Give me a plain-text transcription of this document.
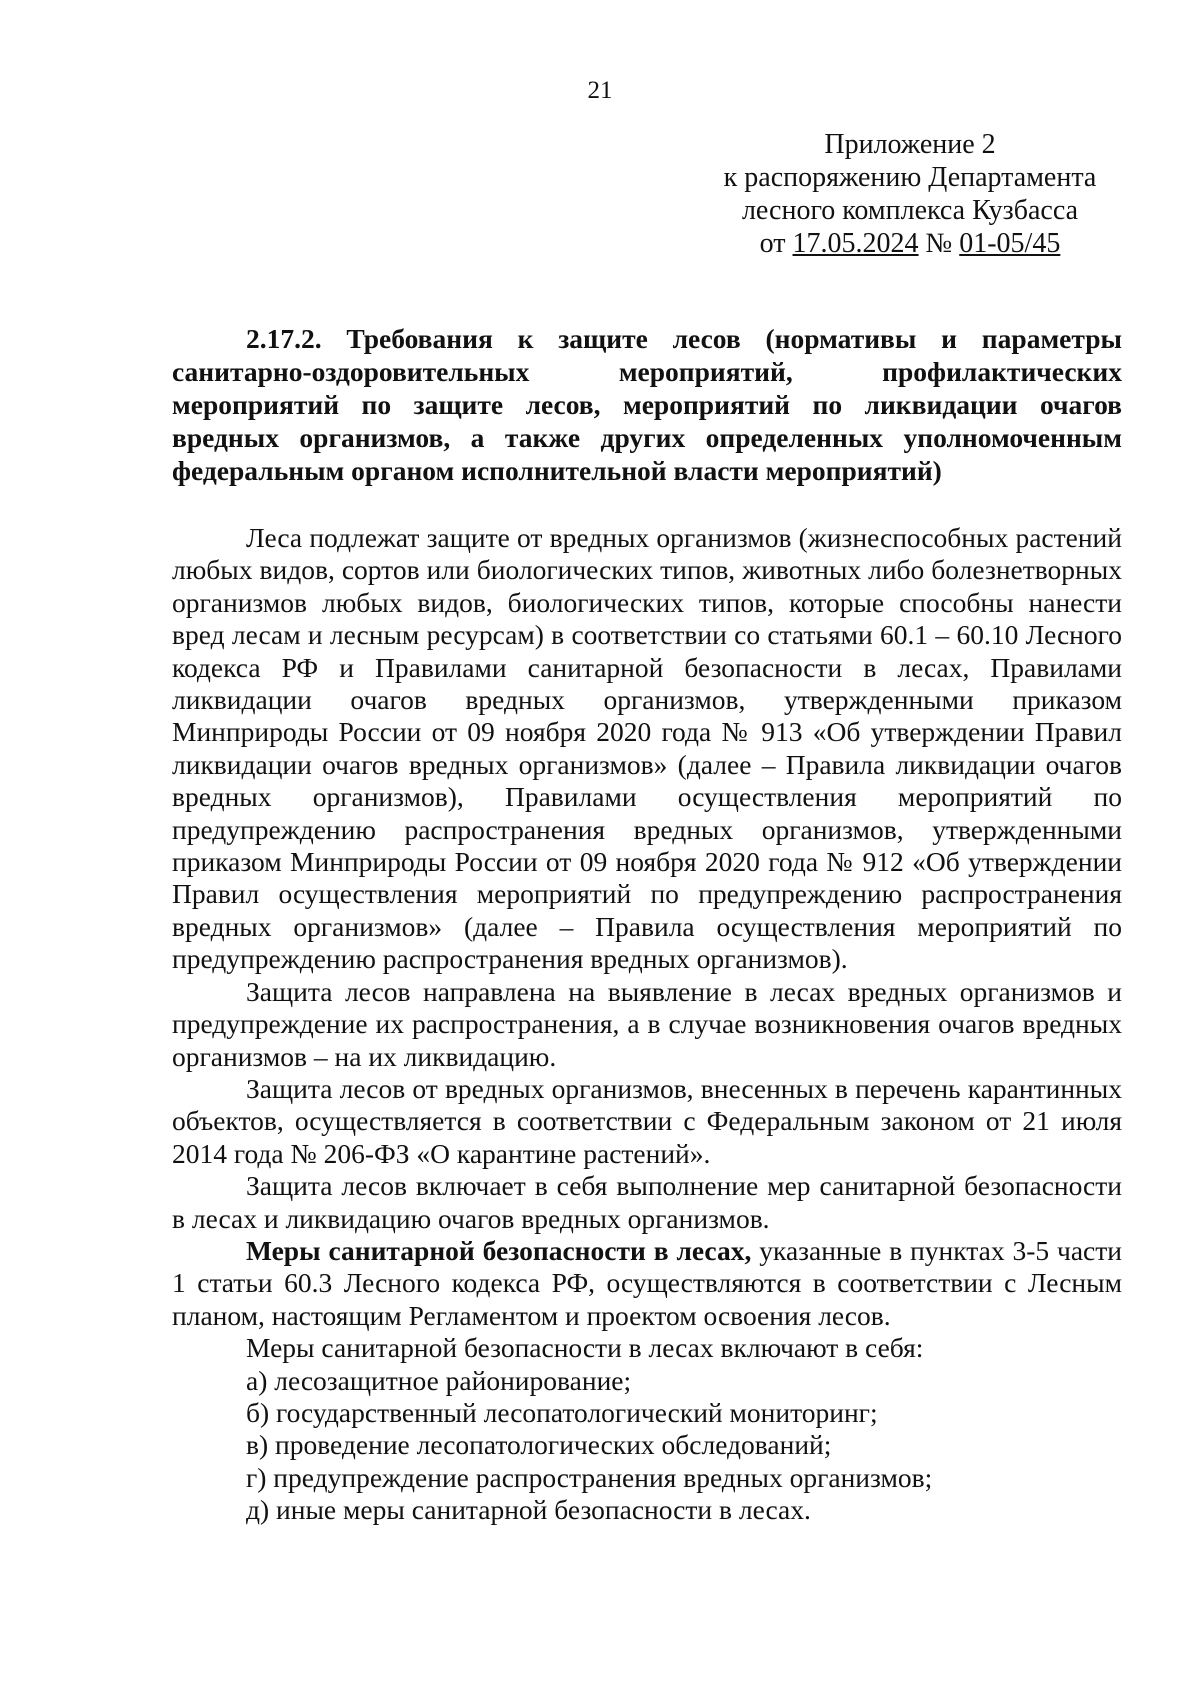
21
Приложение 2
к распоряжению Департамента
лесного комплекса Кузбасса
от 17.05.2024 № 01-05/45
2.17.2. Требования к защите лесов (нормативы и параметры санитарно-оздоровительных мероприятий, профилактических мероприятий по защите лесов, мероприятий по ликвидации очагов вредных организмов, а также других определенных уполномоченным федеральным органом исполнительной власти мероприятий)

Леса подлежат защите от вредных организмов (жизнеспособных растений любых видов, сортов или биологических типов, животных либо болезнетворных организмов любых видов, биологических типов, которые способны нанести вред лесам и лесным ресурсам) в соответствии со статьями 60.1 – 60.10 Лесного кодекса РФ и Правилами санитарной безопасности в лесах, Правилами ликвидации очагов вредных организмов, утвержденными приказом Минприроды России от 09 ноября 2020 года № 913 «Об утверждении Правил ликвидации очагов вредных организмов» (далее – Правила ликвидации очагов вредных организмов), Правилами осуществления мероприятий по предупреждению распространения вредных организмов, утвержденными приказом Минприроды России от 09 ноября 2020 года № 912 «Об утверждении Правил осуществления мероприятий по предупреждению распространения вредных организмов» (далее – Правила осуществления мероприятий по предупреждению распространения вредных организмов).

Защита лесов направлена на выявление в лесах вредных организмов и предупреждение их распространения, а в случае возникновения очагов вредных организмов – на их ликвидацию.

Защита лесов от вредных организмов, внесенных в перечень карантинных объектов, осуществляется в соответствии с Федеральным законом от 21 июля 2014 года № 206-ФЗ «О карантине растений».

Защита лесов включает в себя выполнение мер санитарной безопасности в лесах и ликвидацию очагов вредных организмов.

Меры санитарной безопасности в лесах, указанные в пунктах 3-5 части 1 статьи 60.3 Лесного кодекса РФ, осуществляются в соответствии с Лесным планом, настоящим Регламентом и проектом освоения лесов.

Меры санитарной безопасности в лесах включают в себя:

а) лесозащитное районирование;

б) государственный лесопатологический мониторинг;

в) проведение лесопатологических обследований;

г) предупреждение распространения вредных организмов;

д) иные меры санитарной безопасности в лесах.
